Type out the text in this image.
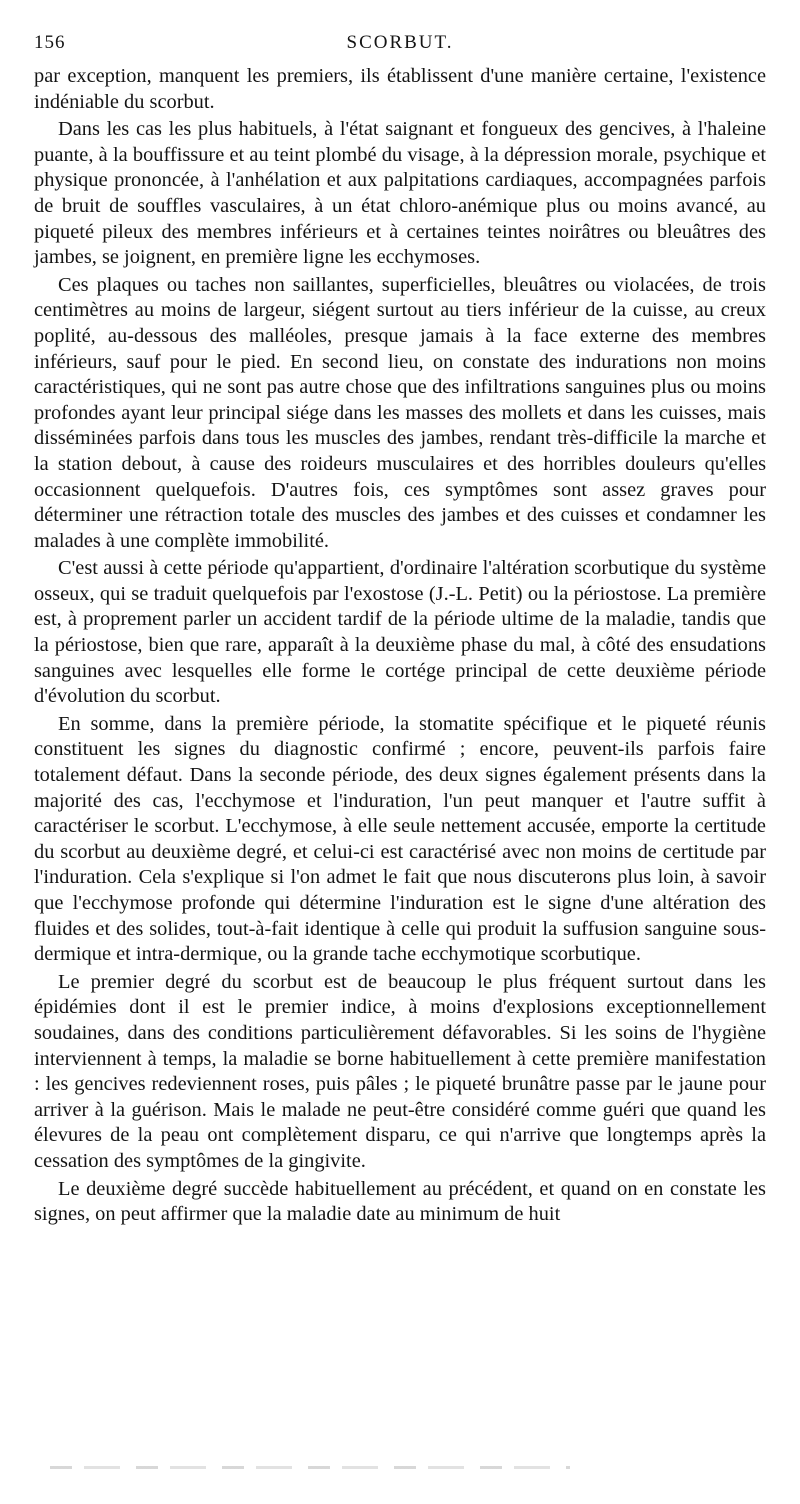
156	SCORBUT.

par exception, manquent les premiers, ils établissent d'une manière certaine, l'existence indéniable du scorbut.

Dans les cas les plus habituels, à l'état saignant et fongueux des gencives, à l'haleine puante, à la bouffissure et au teint plombé du visage, à la dépression morale, psychique et physique prononcée, à l'anhélation et aux palpitations cardiaques, accompagnées parfois de bruit de souffles vasculaires, à un état chloro-anémique plus ou moins avancé, au piqueté pileux des membres inférieurs et à certaines teintes noirâtres ou bleuâtres des jambes, se joignent, en première ligne les ecchymoses.

Ces plaques ou taches non saillantes, superficielles, bleuâtres ou violacées, de trois centimètres au moins de largeur, siégent surtout au tiers inférieur de la cuisse, au creux poplité, au-dessous des malléoles, presque jamais à la face externe des membres inférieurs, sauf pour le pied. En second lieu, on constate des indurations non moins caractéristiques, qui ne sont pas autre chose que des infiltrations sanguines plus ou moins profondes ayant leur principal siége dans les masses des mollets et dans les cuisses, mais disséminées parfois dans tous les muscles des jambes, rendant très-difficile la marche et la station debout, à cause des roideurs musculaires et des horribles douleurs qu'elles occasionnent quelquefois. D'autres fois, ces symptômes sont assez graves pour déterminer une rétraction totale des muscles des jambes et des cuisses et condamner les malades à une complète immobilité.

C'est aussi à cette période qu'appartient, d'ordinaire l'altération scorbutique du système osseux, qui se traduit quelquefois par l'exostose (J.-L. Petit) ou la périostose. La première est, à proprement parler un accident tardif de la période ultime de la maladie, tandis que la périostose, bien que rare, apparaît à la deuxième phase du mal, à côté des ensudations sanguines avec lesquelles elle forme le cortége principal de cette deuxième période d'évolution du scorbut.

En somme, dans la première période, la stomatite spécifique et le piqueté réunis constituent les signes du diagnostic confirmé ; encore, peuvent-ils parfois faire totalement défaut. Dans la seconde période, des deux signes également présents dans la majorité des cas, l'ecchymose et l'induration, l'un peut manquer et l'autre suffit à caractériser le scorbut. L'ecchymose, à elle seule nettement accusée, emporte la certitude du scorbut au deuxième degré, et celui-ci est caractérisé avec non moins de certitude par l'induration. Cela s'explique si l'on admet le fait que nous discuterons plus loin, à savoir que l'ecchymose profonde qui détermine l'induration est le signe d'une altération des fluides et des solides, tout-à-fait identique à celle qui produit la suffusion sanguine sous-dermique et intra-dermique, ou la grande tache ecchymotique scorbutique.

Le premier degré du scorbut est de beaucoup le plus fréquent surtout dans les épidémies dont il est le premier indice, à moins d'explosions exceptionnellement soudaines, dans des conditions particulièrement défavorables. Si les soins de l'hygiène interviennent à temps, la maladie se borne habituellement à cette première manifestation : les gencives redeviennent roses, puis pâles ; le piqueté brunâtre passe par le jaune pour arriver à la guérison. Mais le malade ne peut-être considéré comme guéri que quand les élevures de la peau ont complètement disparu, ce qui n'arrive que longtemps après la cessation des symptômes de la gingivite.

Le deuxième degré succède habituellement au précédent, et quand on en constate les signes, on peut affirmer que la maladie date au minimum de huit
